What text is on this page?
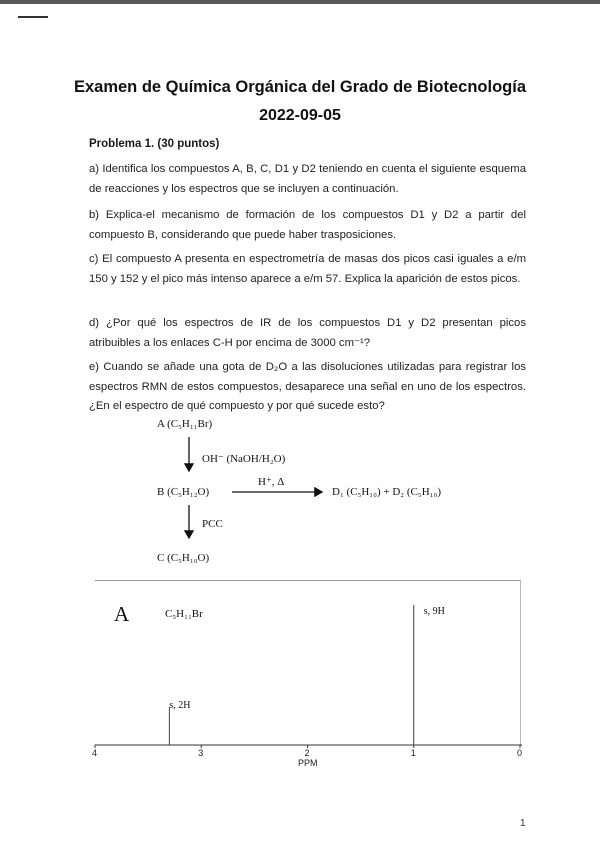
Examen de Química Orgánica del Grado de Biotecnología
2022-09-05
Problema 1. (30 puntos)
a) Identifica los compuestos A, B, C, D1 y D2 teniendo en cuenta el siguiente esquema de reacciones y los espectros que se incluyen a continuación.
b) Explica-el mecanismo de formación de los compuestos D1 y D2 a partir del compuesto B, considerando que puede haber trasposiciones.
c) El compuesto A presenta en espectrometría de masas dos picos casi iguales a e/m 150 y 152 y el pico más intenso aparece a e/m 57. Explica la aparición de estos picos.
d) ¿Por qué los espectros de IR de los compuestos D1 y D2 presentan picos atribuibles a los enlaces C-H por encima de 3000 cm⁻¹?
e) Cuando se añade una gota de D₂O a las disoluciones utilizadas para registrar los espectros RMN de estos compuestos, desaparece una señal en uno de los espectros. ¿En el espectro de qué compuesto y por qué sucede esto?
A (C₅H₁₁Br)
OH⁻ (NaOH/H₂O)
B (C₅H₁₂O)
H⁺, Δ
D₁ (C₅H₁₀) + D₂ (C₅H₁₀)
PCC
C (C₅H₁₀O)
A	C₅H₁₁Br
s, 2H
s, 9H
4	3	2	1	0
PPM
1
